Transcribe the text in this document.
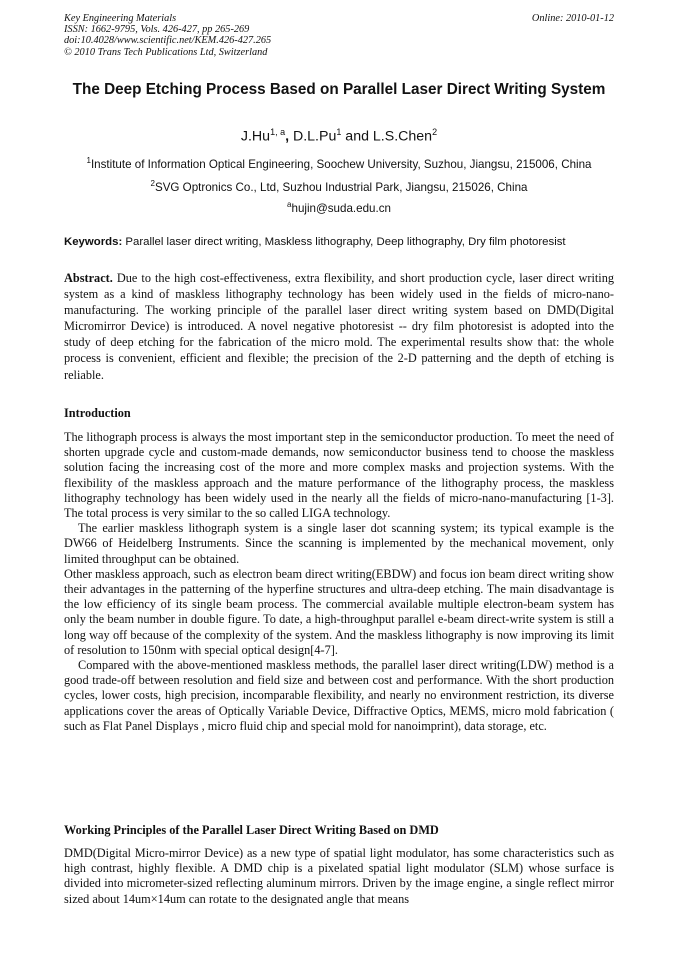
Key Engineering Materials
ISSN: 1662-9795, Vols. 426-427, pp 265-269
doi:10.4028/www.scientific.net/KEM.426-427.265
© 2010 Trans Tech Publications Ltd, Switzerland
Online: 2010-01-12
The Deep Etching Process Based on Parallel Laser Direct Writing System
J.Hu$^{1, a}$, D.L.Pu$^1$ and L.S.Chen$^2$
$^1$Institute of Information Optical Engineering, Soochew University, Suzhou, Jiangsu, 215006, China
$^2$SVG Optronics Co., Ltd, Suzhou Industrial Park, Jiangsu, 215026, China
$^a$hujin@suda.edu.cn
Keywords: Parallel laser direct writing, Maskless lithography, Deep lithography, Dry film photoresist
Abstract. Due to the high cost-effectiveness, extra flexibility, and short production cycle, laser direct writing system as a kind of maskless lithography technology has been widely used in the fields of micro-nano-manufacturing. The working principle of the parallel laser direct writing system based on DMD(Digital Micromirror Device) is introduced. A novel negative photoresist -- dry film photoresist is adopted into the study of deep etching for the fabrication of the micro mold. The experimental results show that: the whole process is convenient, efficient and flexible; the precision of the 2-D patterning and the depth of etching is reliable.
Introduction

The lithograph process is always the most important step in the semiconductor production. To meet the need of shorten upgrade cycle and custom-made demands, now semiconductor business tend to choose the maskless solution facing the increasing cost of the more and more complex masks and projection systems. With the flexibility of the maskless approach and the mature performance of the lithography process, the maskless lithography technology has been widely used in the nearly all the fields of micro-nano-manufacturing [1-3]. The total process is very similar to the so called LIGA technology.

The earlier maskless lithograph system is a single laser dot scanning system; its typical example is the DW66 of Heidelberg Instruments. Since the scanning is implemented by the mechanical movement, only limited throughput can be obtained.

Other maskless approach, such as electron beam direct writing(EBDW) and focus ion beam direct writing show their advantages in the patterning of the hyperfine structures and ultra-deep etching. The main disadvantage is the low efficiency of its single beam process. The commercial available multiple electron-beam system has only the beam number in double figure. To date, a high-throughput parallel e-beam direct-write system is still a long way off because of the complexity of the system. And the maskless lithography is now improving its limit of resolution to 150nm with special optical design[4-7].

Compared with the above-mentioned maskless methods, the parallel laser direct writing(LDW) method is a good trade-off between resolution and field size and between cost and performance. With the short production cycles, lower costs, high precision, incomparable flexibility, and nearly no environment restriction, its diverse applications cover the areas of Optically Variable Device, Diffractive Optics, MEMS, micro mold fabrication ( such as Flat Panel Displays , micro fluid chip and special mold for nanoimprint), data storage, etc.

Working Principles of the Parallel Laser Direct Writing Based on DMD

DMD(Digital Micro-mirror Device) as a new type of spatial light modulator, has some characteristics such as high contrast, highly flexible. A DMD chip is a pixelated spatial light modulator (SLM) whose surface is divided into micrometer-sized reflecting aluminum mirrors. Driven by the image engine, a single reflect mirror sized about 14um×14um can rotate to the designated angle that means
